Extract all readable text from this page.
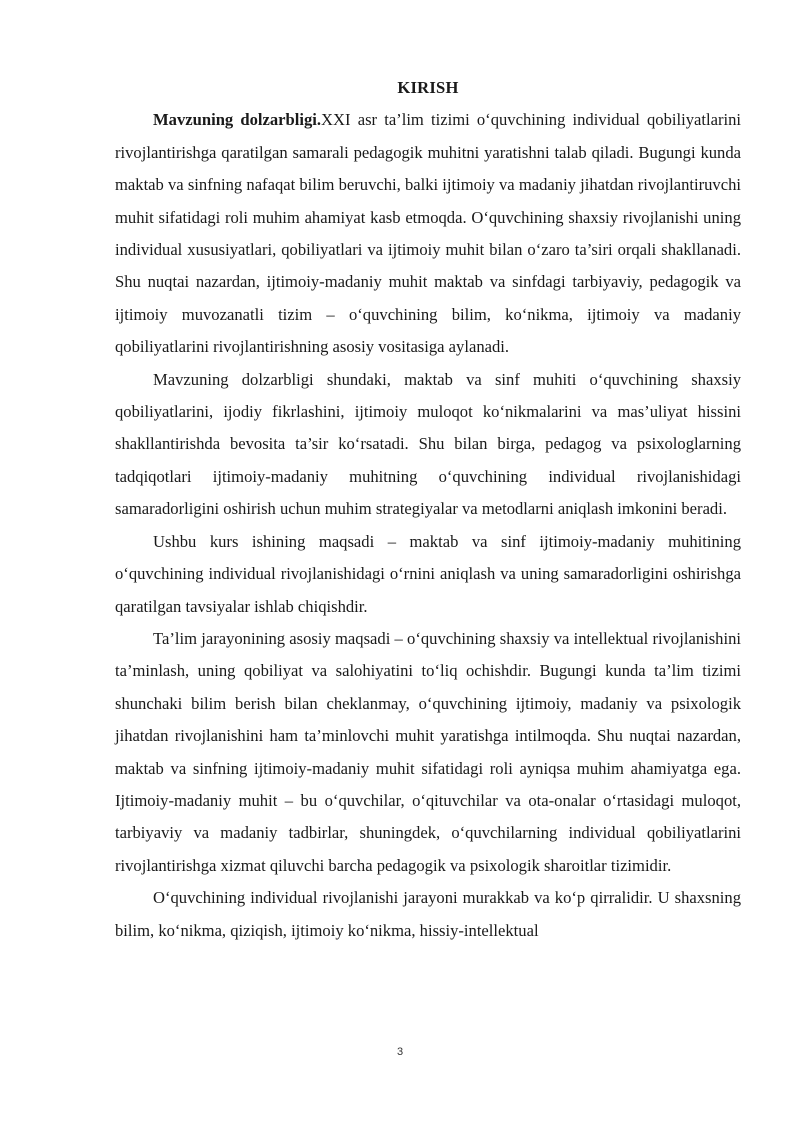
KIRISH

Mavzuning dolzarbligi.XXI asr ta’lim tizimi o‘quvchining individual qobiliyatlarini rivojlantirishga qaratilgan samarali pedagogik muhitni yaratishni talab qiladi. Bugungi kunda maktab va sinfning nafaqat bilim beruvchi, balki ijtimoiy va madaniy jihatdan rivojlantiruvchi muhit sifatidagi roli muhim ahamiyat kasb etmoqda. O‘quvchining shaxsiy rivojlanishi uning individual xususiyatlari, qobiliyatlari va ijtimoiy muhit bilan o‘zaro ta’siri orqali shakllanadi. Shu nuqtai nazardan, ijtimoiy-madaniy muhit maktab va sinfdagi tarbiyaviy, pedagogik va ijtimoiy muvozanatli tizim – o‘quvchining bilim, ko‘nikma, ijtimoiy va madaniy qobiliyatlarini rivojlantirishning asosiy vositasiga aylanadi.

Mavzuning dolzarbligi shundaki, maktab va sinf muhiti o‘quvchining shaxsiy qobiliyatlarini, ijodiy fikrlashini, ijtimoiy muloqot ko‘nikmalarini va mas’uliyat hissini shakllantirishda bevosita ta’sir ko‘rsatadi. Shu bilan birga, pedagog va psixologlarning tadqiqotlari ijtimoiy-madaniy muhitning o‘quvchining individual rivojlanishidagi samaradorligini oshirish uchun muhim strategiyalar va metodlarni aniqlash imkonini beradi.

Ushbu kurs ishining maqsadi – maktab va sinf ijtimoiy-madaniy muhitining o‘quvchining individual rivojlanishidagi o‘rnini aniqlash va uning samaradorligini oshirishga qaratilgan tavsiyalar ishlab chiqishdir.

Ta’lim jarayonining asosiy maqsadi – o‘quvchining shaxsiy va intellektual rivojlanishini ta’minlash, uning qobiliyat va salohiyatini to‘liq ochishdir. Bugungi kunda ta’lim tizimi shunchaki bilim berish bilan cheklanmay, o‘quvchining ijtimoiy, madaniy va psixologik jihatdan rivojlanishini ham ta’minlovchi muhit yaratishga intilmoqda. Shu nuqtai nazardan, maktab va sinfning ijtimoiy-madaniy muhit sifatidagi roli ayniqsa muhim ahamiyatga ega. Ijtimoiy-madaniy muhit – bu o‘quvchilar, o‘qituvchilar va ota-onalar o‘rtasidagi muloqot, tarbiyaviy va madaniy tadbirlar, shuningdek, o‘quvchilarning individual qobiliyatlarini rivojlantirishga xizmat qiluvchi barcha pedagogik va psixologik sharoitlar tizimidir.

O‘quvchining individual rivojlanishi jarayoni murakkab va ko‘p qirralidir. U shaxsning bilim, ko‘nikma, qiziqish, ijtimoiy ko‘nikma, hissiy-intellektual

3
